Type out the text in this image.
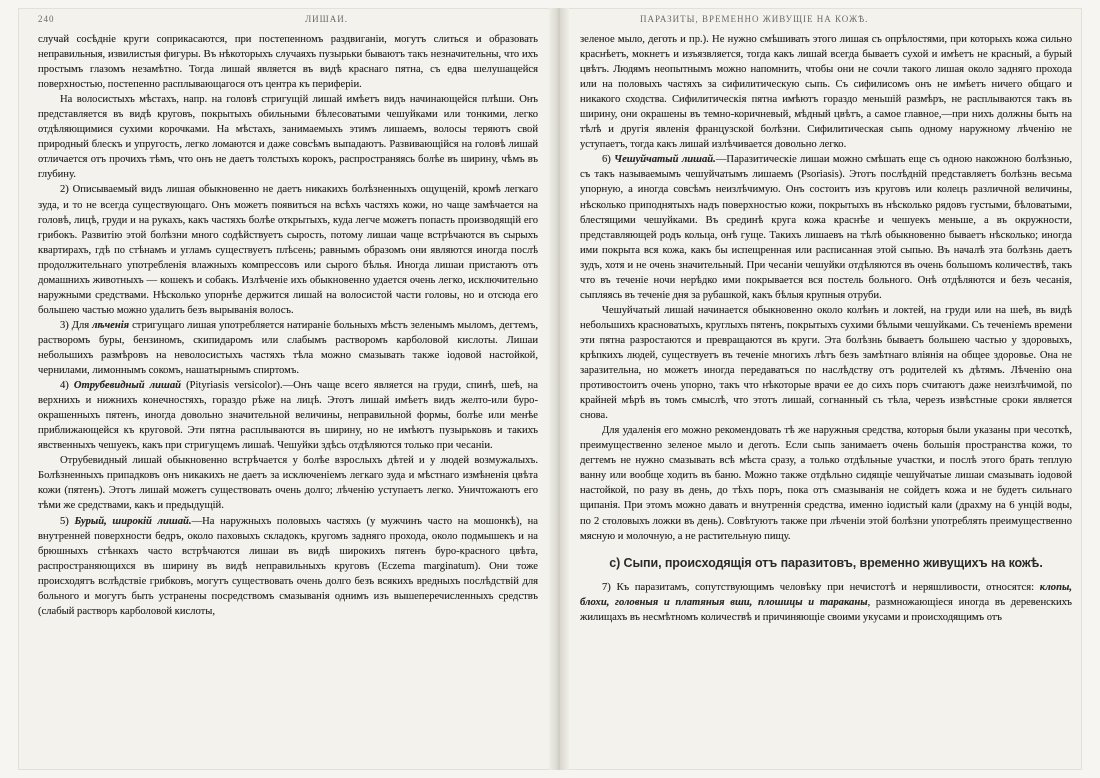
240	ЛИШАИ.

случай сосѣдніе круги соприкасаются, при постепенномъ раздвиганіи, могутъ слиться и образовать неправильныя, извилистыя фигуры. Въ нѣкоторыхъ случаяхъ пузырьки бываютъ такъ незначительны, что ихъ простымъ глазомъ незамѣтно. Тогда лишай является въ видѣ краснаго пятна, съ едва шелушащейся поверхностью, постепенно расплывающагося отъ центра къ периферіи.

На волосистыхъ мѣстахъ, напр. на головѣ стригущій лишай имѣетъ видъ начинающейся плѣши. Онъ представляется въ видѣ круговъ, покрытыхъ обильными бѣлесоватыми чешуйками или тонкими, легко отдѣляющимися сухими корочками. На мѣстахъ, занимаемыхъ этимъ лишаемъ, волосы теряютъ свой природный блескъ и упругость, легко ломаются и даже совсѣмъ выпадаютъ. Развивающійся на головѣ лишай отличается отъ прочихъ тѣмъ, что онъ не даетъ толстыхъ корокъ, распространяясь болѣе въ ширину, чѣмъ въ глубину.

2) Описываемый видъ лишая обыкновенно не даетъ никакихъ болѣзненныхъ ощущеній, кромѣ легкаго зуда, и то не всегда существующаго. Онъ можетъ появиться на всѣхъ частяхъ кожи, но чаще замѣчается на головѣ, лицѣ, груди и на рукахъ, какъ частяхъ болѣе открытыхъ, куда легче можетъ попасть производящій его грибокъ. Развитію этой болѣзни много содѣйствуетъ сырость, потому лишаи чаще встрѣчаются въ сырыхъ квартирахъ, гдѣ по стѣнамъ и угламъ существуетъ плѣсень; равнымъ образомъ они являются иногда послѣ продолжительнаго употребленія влажныхъ компрессовъ или сырого бѣлья. Иногда лишаи пристаютъ отъ домашнихъ животныхъ — кошекъ и собакъ. Излѣченіе ихъ обыкновенно удается очень легко, исключительно наружными средствами. Нѣсколько упорнѣе держится лишай на волосистой части головы, но и отсюда его большею частью можно удалить безъ вырыванія волосъ.

3) Для лѣченія стригущаго лишая употребляется натираніе больныхъ мѣстъ зеленымъ мыломъ, дегтемъ, растворомъ буры, бензиномъ, скипидаромъ или слабымъ растворомъ карболовой кислоты. Лишаи небольшихъ размѣровъ на неволосистыхъ частяхъ тѣла можно смазывать также іодовой настойкой, чернилами, лимоннымъ сокомъ, нашатырнымъ спиртомъ.

4) Отрубевидный лишай (Pityriasis versicolor).—Онъ чаще всего является на груди, спинѣ, шеѣ, на верхнихъ и нижнихъ конечностяхъ, гораздо рѣже на лицѣ. Этотъ лишай имѣетъ видъ желто-или буро-окрашенныхъ пятенъ, иногда довольно значительной величины, неправильной формы, болѣе или менѣе приближающейся къ круговой. Эти пятна расплываются въ ширину, но не имѣютъ пузырьковъ и такихъ явственныхъ чешуекъ, какъ при стригущемъ лишаѣ. Чешуйки здѣсь отдѣляются только при чесаніи.

Отрубевидный лишай обыкновенно встрѣчается у болѣе взрослыхъ дѣтей и у людей возмужалыхъ. Болѣзненныхъ припадковъ онъ никакихъ не даетъ за исключеніемъ легкаго зуда и мѣстнаго измѣненія цвѣта кожи (пятенъ). Этотъ лишай можетъ существовать очень долго; лѣченію уступаетъ легко. Уничтожаютъ его тѣми же средствами, какъ и предыдущій.

5) Бурый, широкій лишай.—На наружныхъ половыхъ частяхъ (у мужчинъ часто на мошонкѣ), на внутренней поверхности бедръ, около паховыхъ складокъ, кругомъ задняго прохода, около подмышекъ и на брюшныхъ стѣнкахъ часто встрѣчаются лишаи въ видѣ широкихъ пятенъ буро-красного цвѣта, распространяющихся въ ширину въ видѣ неправильныхъ круговъ (Eczema marginatum). Они тоже происходятъ вслѣдствіе грибковъ, могутъ существовать очень долго безъ всякихъ вредныхъ послѣдствій для больного и могутъ быть устранены посредствомъ смазыванія однимъ изъ вышеперечисленныхъ средствъ (слабый растворъ карболовой кислоты,

ПАРАЗИТЫ, ВРЕМЕННО ЖИВУЩІЕ НА КОЖѢ.

зеленое мыло, деготь и пр.). Не нужно смѣшивать этого лишая съ опрѣлостями, при которыхъ кожа сильно краснѣетъ, мокнетъ и изъязвляется, тогда какъ лишай всегда бываетъ сухой и имѣетъ не красный, а бурый цвѣтъ. Людямъ неопытнымъ можно напомнить, чтобы они не сочли такого лишая около задняго прохода или на половыхъ частяхъ за сифилитическую сыпь. Съ сифилисомъ онъ не имѣетъ ничего общаго и никакого сходства. Сифилитическія пятна имѣютъ гораздо меньшій размѣръ, не расплываются такъ въ ширину, они окрашены въ темно-коричневый, мѣдный цвѣтъ, а самое главное,—при нихъ должны быть на тѣлѣ и другія явленія французской болѣзни. Сифилитическая сыпь одному наружному лѣченію не уступаетъ, тогда какъ лишай излѣчивается довольно легко.

6) Чешуйчатый лишай.—Паразитическіе лишаи можно смѣшать еще съ одною накожною болѣзнью, съ такъ называемымъ чешуйчатымъ лишаемъ (Psoriasis). Этотъ послѣдній представляетъ болѣзнь весьма упорную, а иногда совсѣмъ неизлѣчимую. Онъ состоитъ изъ круговъ или колецъ различной величины, нѣсколько приподнятыхъ надъ поверхностью кожи, покрытыхъ въ нѣсколько рядовъ густыми, бѣловатыми, блестящими чешуйками. Въ срединѣ круга кожа краснѣе и чешуекъ меньше, а въ окружности, представляющей родъ кольца, онѣ гуще. Такихъ лишаевъ на тѣлѣ обыкновенно бываетъ нѣсколько; иногда ими покрыта вся кожа, какъ бы испещренная или расписанная этой сыпью. Въ началѣ эта болѣзнь даетъ зудъ, хотя и не очень значительный. При чесаніи чешуйки отдѣляются въ очень большомъ количествѣ, такъ что въ теченіе ночи нерѣдко ими покрывается вся постель больного. Онѣ отдѣляются и безъ чесанія, сыпляясь въ теченіе дня за рубашкой, какъ бѣлыя крупныя отруби.

Чешуйчатый лишай начинается обыкновенно около колѣнъ и локтей, на груди или на шеѣ, въ видѣ небольшихъ красноватыхъ, круглыхъ пятенъ, покрытыхъ сухими бѣлыми чешуйками. Съ теченіемъ времени эти пятна разростаются и превращаются въ круги. Эта болѣзнь бываетъ большею частью у здоровыхъ, крѣпкихъ людей, существуетъ въ теченіе многихъ лѣтъ безъ замѣтнаго вліянія на общее здоровье. Она не заразительна, но можетъ иногда передаваться по наслѣдству отъ родителей къ дѣтямъ. Лѣченію она противостоитъ очень упорно, такъ что нѣкоторые врачи ее до сихъ поръ считаютъ даже неизлѣчимой, по крайней мѣрѣ въ томъ смыслѣ, что этотъ лишай, согнанный съ тѣла, черезъ извѣстные сроки является снова.

Для удаленія его можно рекомендовать тѣ же наружныя средства, которыя были указаны при чесоткѣ, преимущественно зеленое мыло и деготь. Если сыпь занимаетъ очень большія пространства кожи, то дегтемъ не нужно смазывать всѣ мѣста сразу, а только отдѣльные участки, и послѣ этого брать теплую ванну или вообще ходить въ баню. Можно также отдѣльно сидящіе чешуйчатые лишаи смазывать іодовой настойкой, по разу въ день, до тѣхъ поръ, пока отъ смазыванія не сойдетъ кожа и не будетъ сильнаго щипанія. При этомъ можно давать и внутреннія средства, именно іодистый кали (драхму на 6 унцій воды, по 2 столовыхъ ложки въ день). Совѣтуютъ также при лѣченіи этой болѣзни употреблять преимущественно мясную и молочную, а не растительную пищу.

c) Сыпи, происходящія отъ паразитовъ, временно живущихъ на кожѣ.

7) Къ паразитамъ, сопутствующимъ человѣку при нечистотѣ и неряшливости, относятся: клопы, блохи, головныя и платяныя вши, плошицы и тараканы, размножающіеся иногда въ деревенскихъ жилищахъ въ несмѣтномъ количествѣ и причиняющіе своими укусами и происходящимъ отъ
